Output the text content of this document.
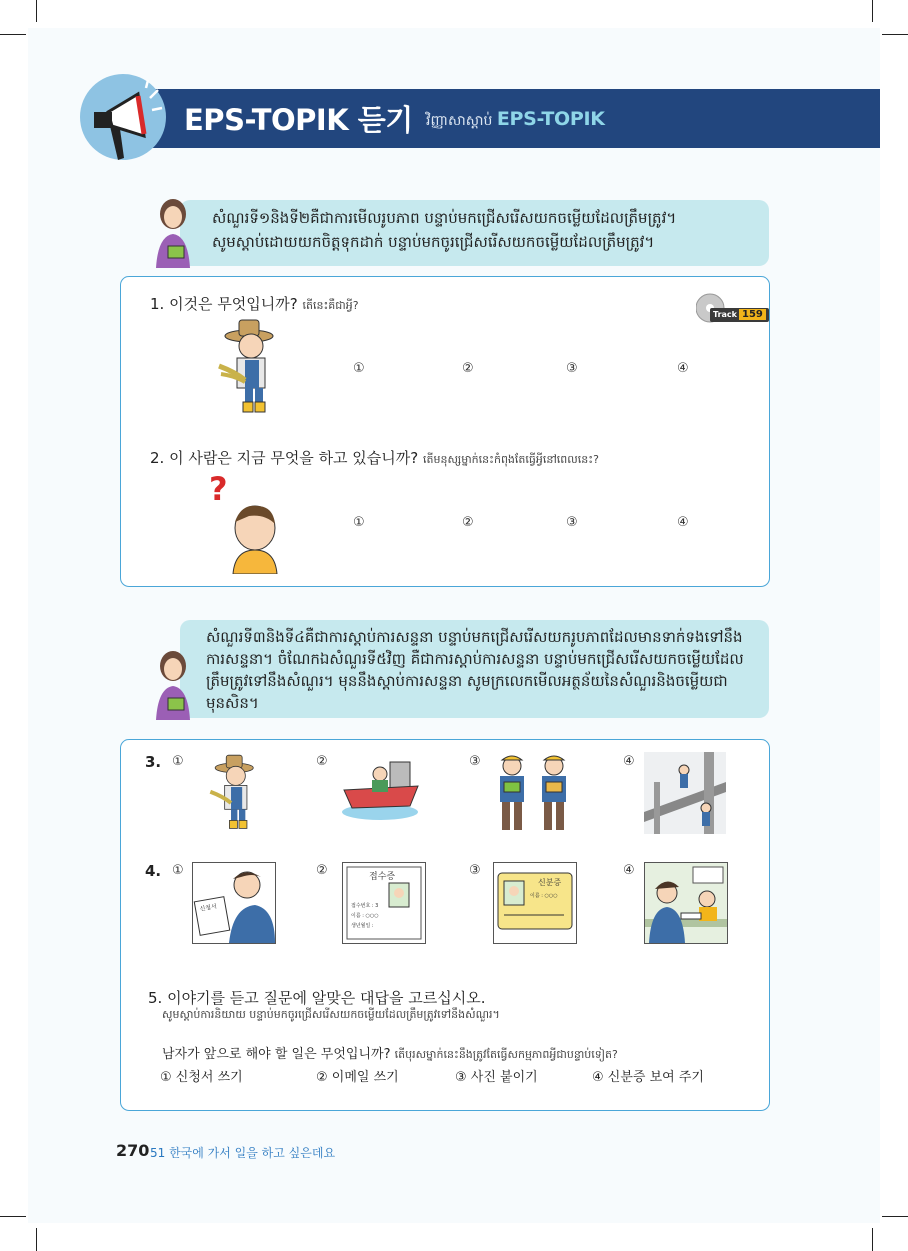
EPS-TOPIK 듣기 វិញ្ញាសាស្តាប់ EPS-TOPIK
សំណួរទី១និងទី២គឺជាការមើលរូបភាព បន្ទាប់មកជ្រើសរើសយកចម្លើយដែលត្រឹមត្រូវ។
សូមស្តាប់ដោយយកចិត្តទុកដាក់ បន្ទាប់មកចូរជ្រើសរើសយកចម្លើយដែលត្រឹមត្រូវ។
1. 이것은 무엇입니까? តើនេះគឺជាអ្វី?
Track 159
①	②	③	④
2. 이 사람은 지금 무엇을 하고 있습니까? តើមនុស្សម្នាក់នេះកំពុងតែធ្វើអ្វីនៅពេលនេះ?
?
①	②	③	④
សំណួរទី៣និងទី៤គឺជាការស្តាប់ការសន្ទនា បន្ទាប់មកជ្រើសរើសយករូបភាពដែលមានទាក់ទងទៅនឹង
ការសន្ទនា។ ចំណែកឯសំណួរទី៥វិញ គឺជាការស្តាប់ការសន្ទនា បន្ទាប់មកជ្រើសរើសយកចម្លើយដែល
ត្រឹមត្រូវទៅនឹងសំណួរ។ មុននឹងស្តាប់ការសន្ទនា សូមក្រលេកមើលអត្ថន័យនៃសំណួរនិងចម្លើយជា
មុនសិន។
3. ①	②	③	④
4. ①	②	③	④
신청서
접수증
접수번호 : 3
이름 : ○○○
생년월일 :
신분증
이름 : ○○○
5. 이야기를 듣고 질문에 알맞은 대답을 고르십시오.
សូមស្តាប់ការនិយាយ បន្ទាប់មកចូរជ្រើសរើសយកចម្លើយដែលត្រឹមត្រូវទៅនឹងសំណួរ។
남자가 앞으로 해야 할 일은 무엇입니까? តើបុរសម្នាក់នេះនឹងត្រូវតែធ្វើសកម្មភាពអ្វីជាបន្ទាប់ទៀត?
① 신청서 쓰기	② 이메일 쓰기	③ 사진 붙이기	④ 신분증 보여 주기
270 51 한국에 가서 일을 하고 싶은데요
